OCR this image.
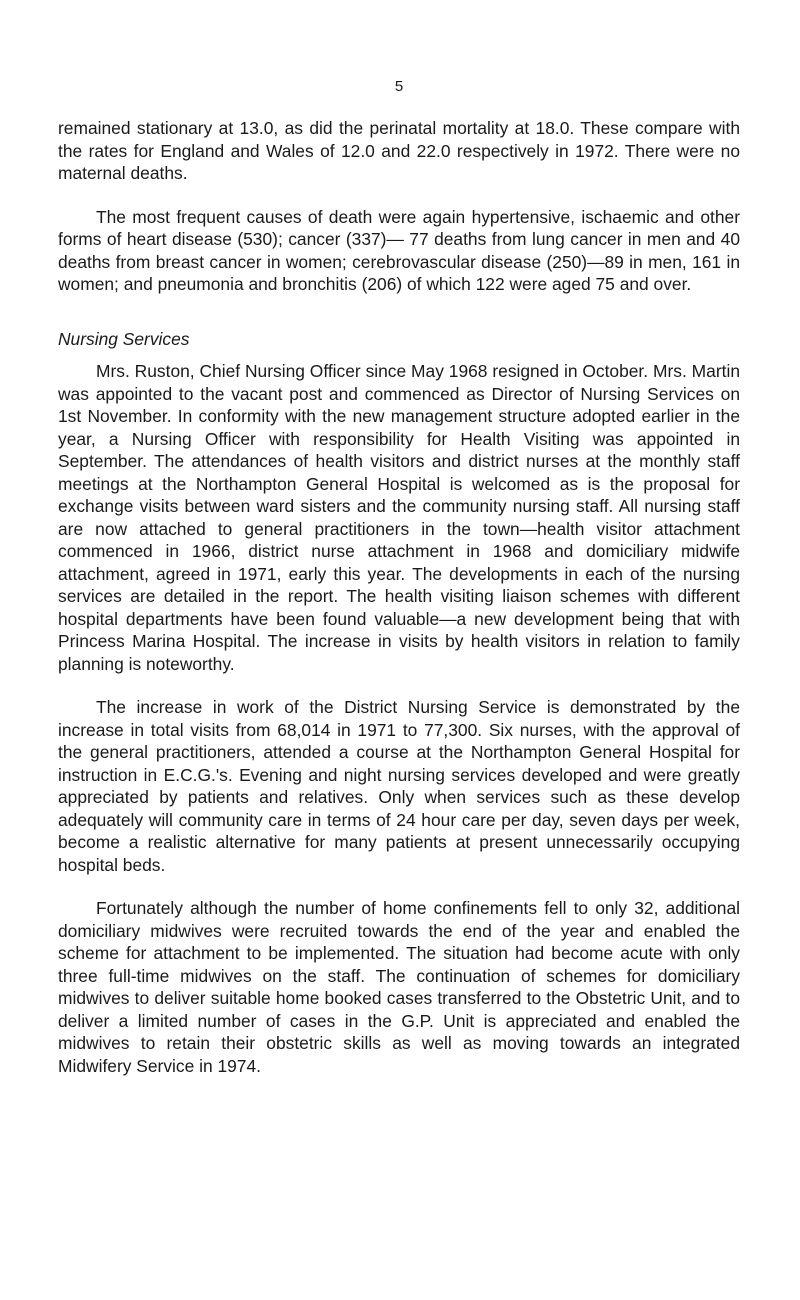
5

remained stationary at 13.0, as did the perinatal mortality at 18.0. These compare with the rates for England and Wales of 12.0 and 22.0 respectively in 1972. There were no maternal deaths.

The most frequent causes of death were again hypertensive, ischaemic and other forms of heart disease (530); cancer (337)— 77 deaths from lung cancer in men and 40 deaths from breast cancer in women; cerebrovascular disease (250)—89 in men, 161 in women; and pneumonia and bronchitis (206) of which 122 were aged 75 and over.

Nursing Services

Mrs. Ruston, Chief Nursing Officer since May 1968 resigned in October. Mrs. Martin was appointed to the vacant post and commenced as Director of Nursing Services on 1st November. In conformity with the new management structure adopted earlier in the year, a Nursing Officer with responsibility for Health Visiting was appointed in September. The attendances of health visitors and district nurses at the monthly staff meetings at the Northampton General Hospital is welcomed as is the proposal for exchange visits between ward sisters and the community nursing staff. All nursing staff are now attached to general practitioners in the town—health visitor attachment commenced in 1966, district nurse attachment in 1968 and domiciliary midwife attachment, agreed in 1971, early this year. The developments in each of the nursing services are detailed in the report. The health visiting liaison schemes with different hospital departments have been found valuable—a new development being that with Princess Marina Hospital. The increase in visits by health visitors in relation to family planning is noteworthy.

The increase in work of the District Nursing Service is demonstrated by the increase in total visits from 68,014 in 1971 to 77,300. Six nurses, with the approval of the general practitioners, attended a course at the Northampton General Hospital for instruction in E.C.G.'s. Evening and night nursing services developed and were greatly appreciated by patients and relatives. Only when services such as these develop adequately will community care in terms of 24 hour care per day, seven days per week, become a realistic alternative for many patients at present unnecessarily occupying hospital beds.

Fortunately although the number of home confinements fell to only 32, additional domiciliary midwives were recruited towards the end of the year and enabled the scheme for attachment to be implemented. The situation had become acute with only three full-time midwives on the staff. The continuation of schemes for domiciliary midwives to deliver suitable home booked cases transferred to the Obstetric Unit, and to deliver a limited number of cases in the G.P. Unit is appreciated and enabled the midwives to retain their obstetric skills as well as moving towards an integrated Midwifery Service in 1974.
